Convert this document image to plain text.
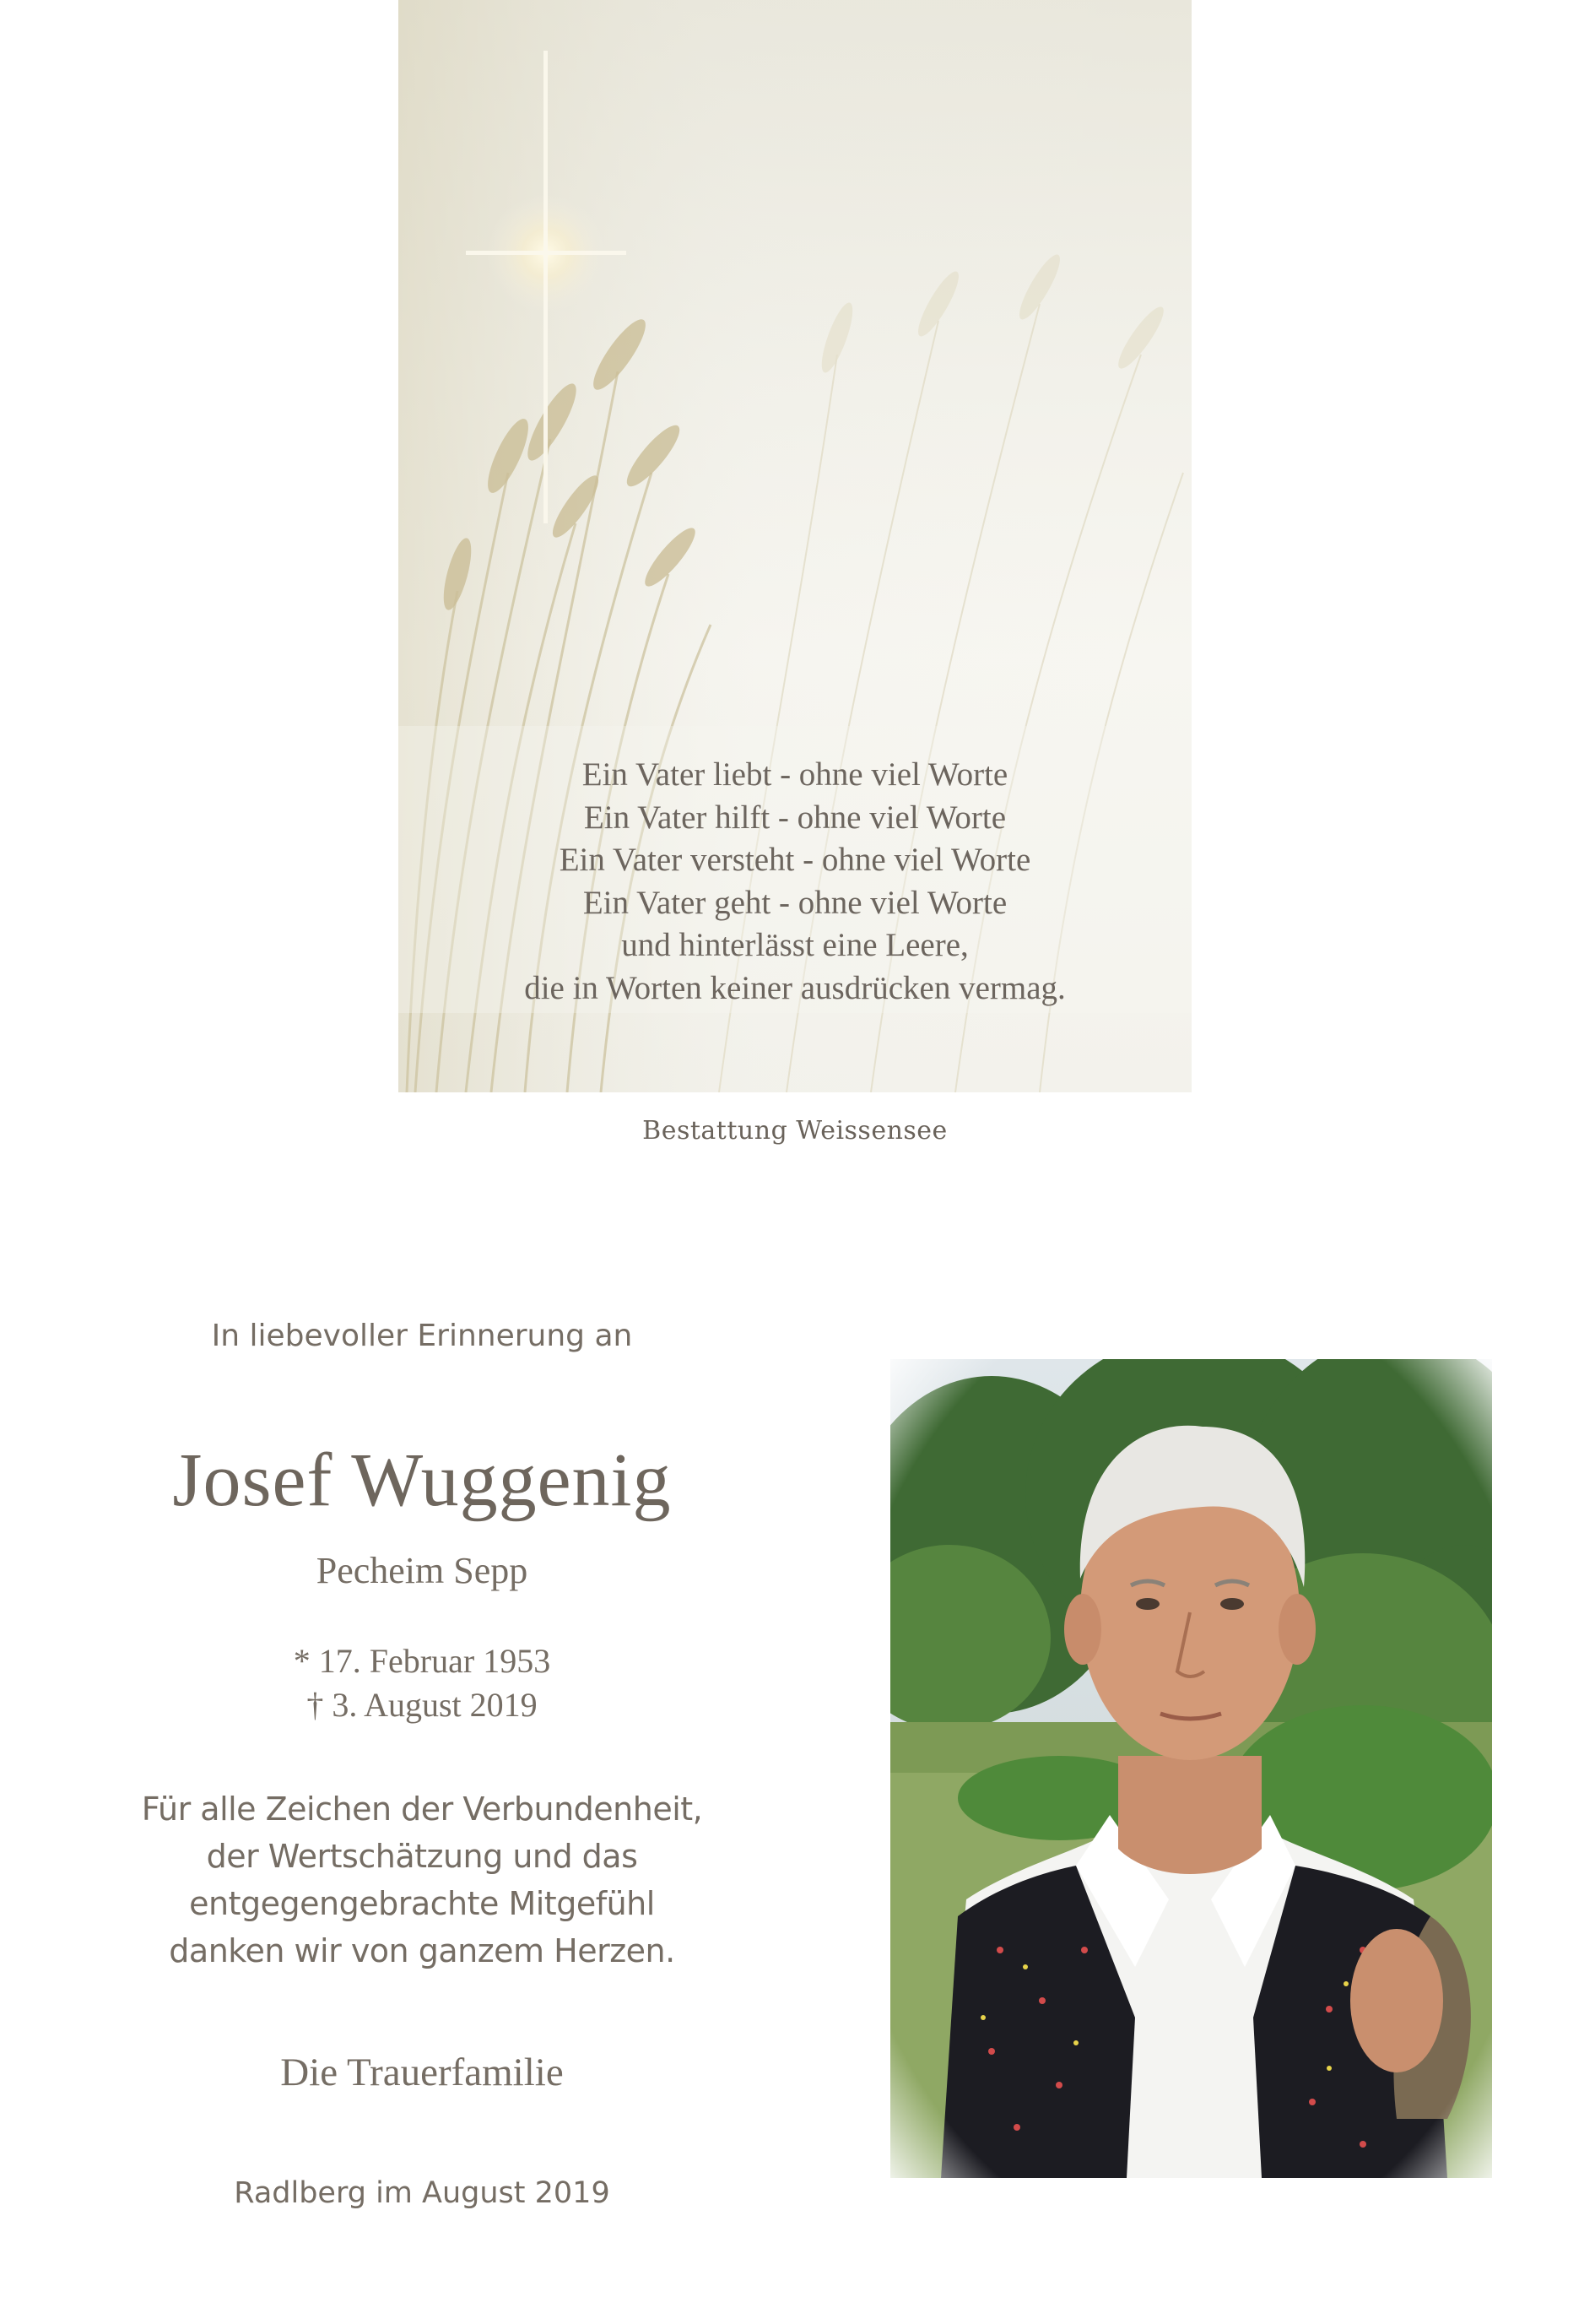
Ein Vater liebt - ohne viel Worte
Ein Vater hilft - ohne viel Worte
Ein Vater versteht - ohne viel Worte
Ein Vater geht - ohne viel Worte
und hinterlässt eine Leere,
die in Worten keiner ausdrücken vermag.
Bestattung Weissensee
In liebevoller Erinnerung an
Josef Wuggenig
Pecheim Sepp
* 17. Februar 1953
† 3. August 2019
Für alle Zeichen der Verbundenheit,
der Wertschätzung und das
entgegengebrachte Mitgefühl
danken wir von ganzem Herzen.
Die Trauerfamilie
Radlberg im August 2019
